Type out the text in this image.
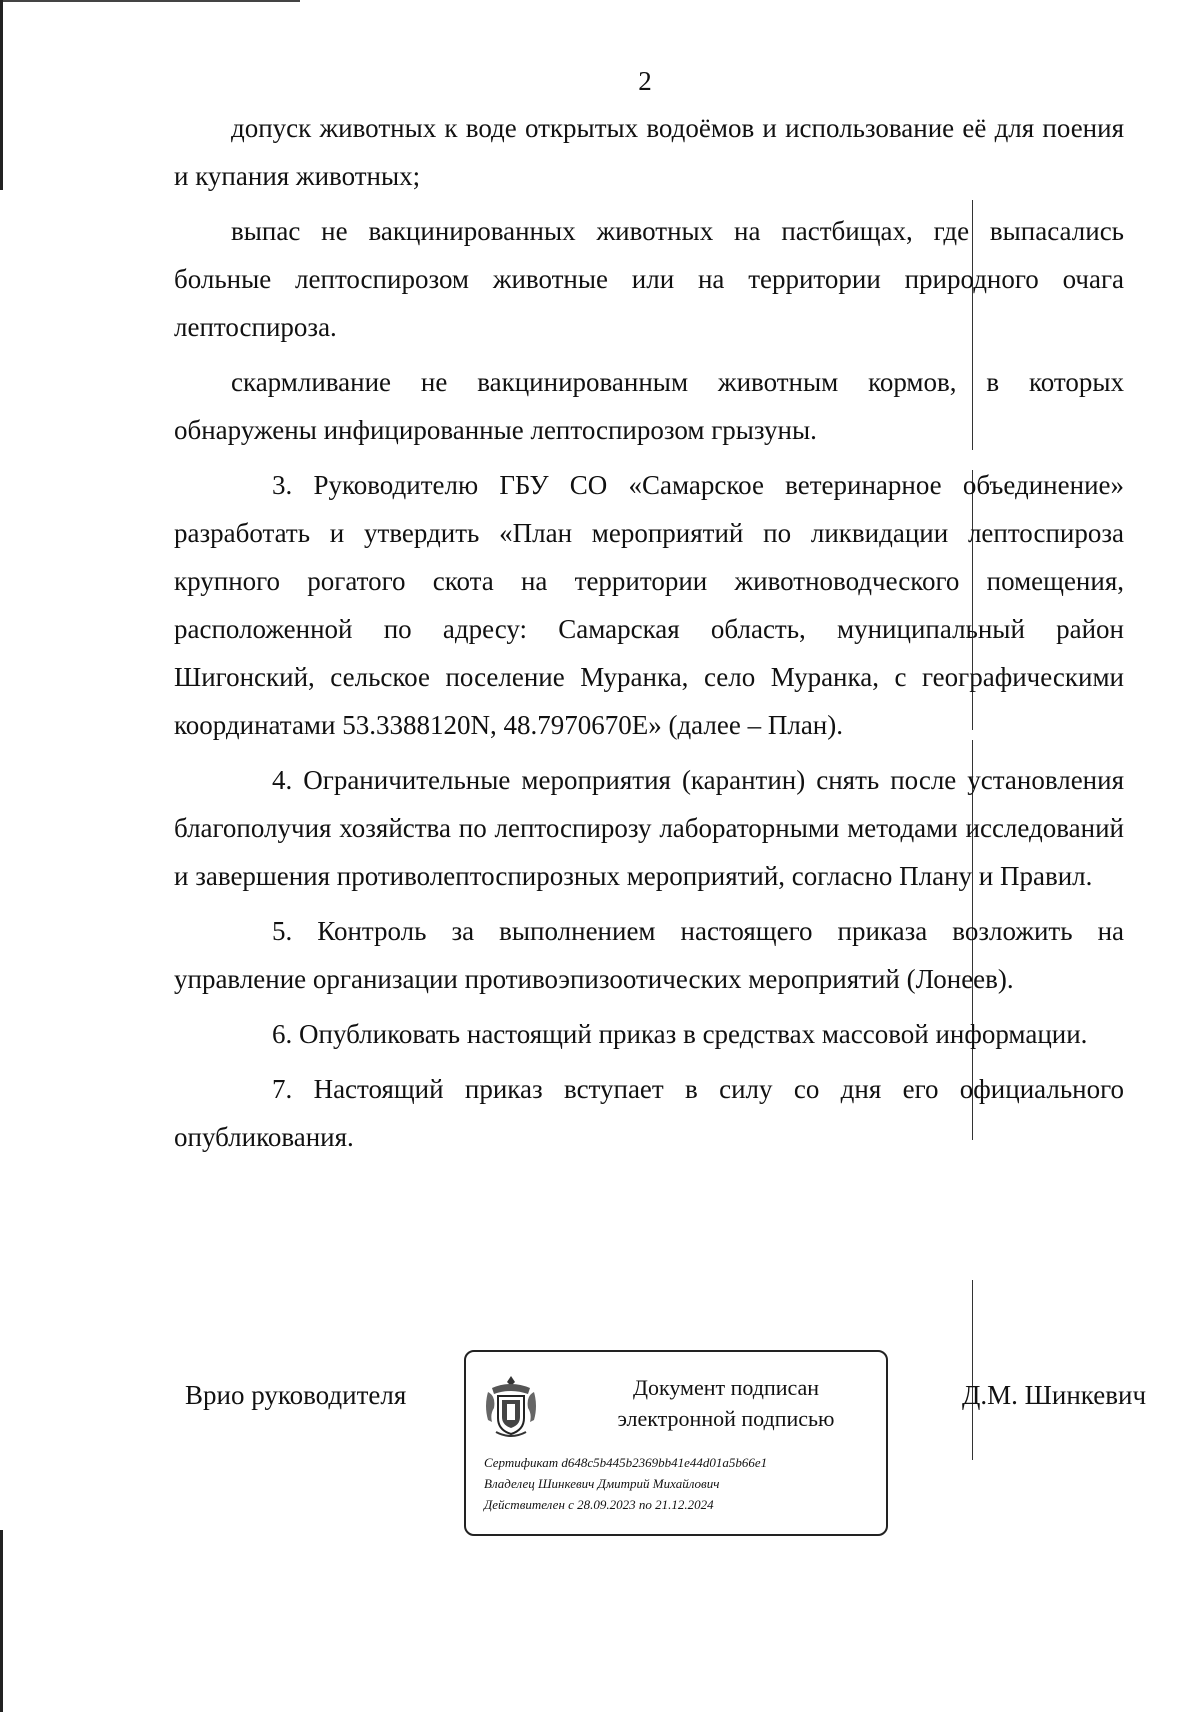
2

допуск животных к воде открытых водоёмов и использование её для поения и купания животных;

выпас не вакцинированных животных на пастбищах, где выпасались больные лептоспирозом животные или на территории природного очага лептоспироза.

скармливание не вакцинированным животным кормов, в которых обнаружены инфицированные лептоспирозом грызуны.

3. Руководителю ГБУ СО «Самарское ветеринарное объединение» разработать и утвердить «План мероприятий по ликвидации лептоспироза крупного рогатого скота на территории животноводческого помещения, расположенной по адресу: Самарская область, муниципальный район Шигонский, сельское поселение Муранка, село Муранка, с географическими координатами 53.3388120N, 48.7970670E» (далее – План).

4. Ограничительные мероприятия (карантин) снять после установления благополучия хозяйства по лептоспирозу лабораторными методами исследований и завершения противолептоспирозных мероприятий, согласно Плану и Правил.

5. Контроль за выполнением настоящего приказа возложить на управление организации противоэпизоотических мероприятий (Лонеев).

6. Опубликовать настоящий приказ в средствах массовой информации.

7. Настоящий приказ вступает в силу со дня его официального опубликования.

Врио руководителя	Документ подписан
электронной подписью
Сертификат d648c5b445b2369bb41e44d01a5b66e1
Владелец Шинкевич Дмитрий Михайлович
Действителен с 28.09.2023 по 21.12.2024
Д.М. Шинкевич
